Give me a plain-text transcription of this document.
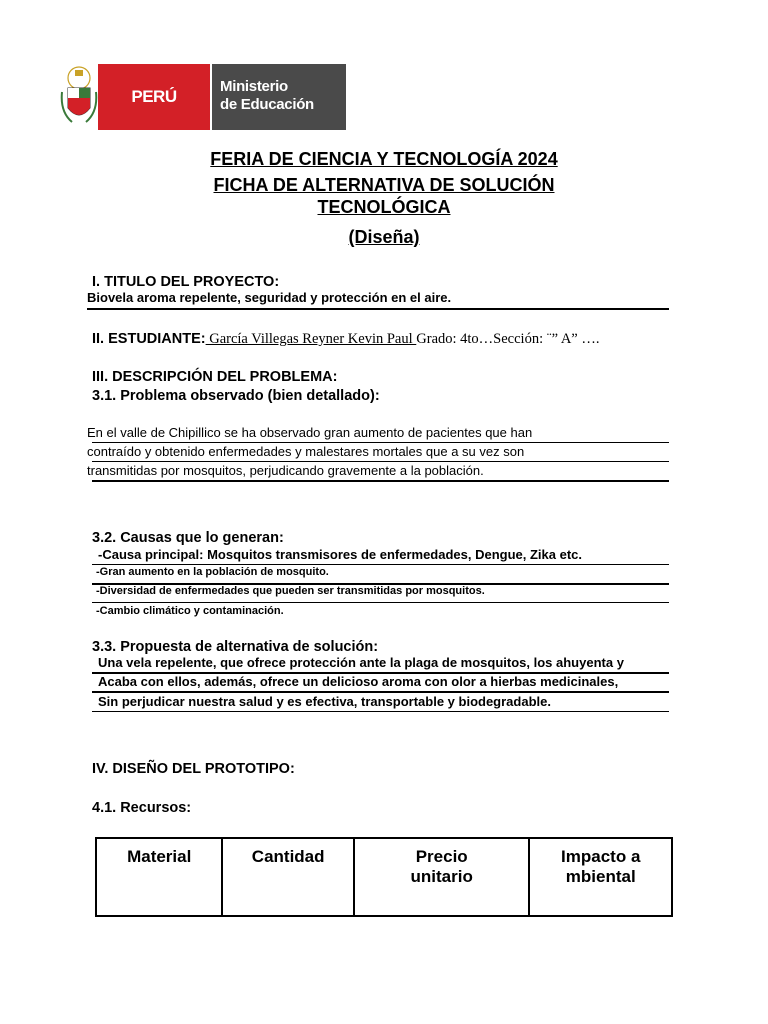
PERÚ
Ministerio
de Educación
FERIA DE CIENCIA Y TECNOLOGÍA 2024
FICHA DE ALTERNATIVA DE SOLUCIÓN
TECNOLÓGICA
(Diseña)
I. TITULO DEL PROYECTO:
Biovela aroma repelente, seguridad y protección en el aire.
II. ESTUDIANTE: García Villegas Reyner Kevin Paul Grado: 4to…Sección: ¨” A” ….
III. DESCRIPCIÓN DEL PROBLEMA:
3.1. Problema observado (bien detallado):
En el valle de Chipillico se ha observado gran aumento de pacientes que han
contraído y obtenido enfermedades y malestares mortales que a su vez son
transmitidas por mosquitos, perjudicando gravemente a la población.
3.2. Causas que lo generan:
-Causa principal: Mosquitos transmisores de enfermedades, Dengue, Zika etc.
-Gran aumento en la población de mosquito.
-Diversidad de enfermedades que pueden ser transmitidas por mosquitos.
-Cambio climático y contaminación.
3.3. Propuesta de alternativa de solución:
Una vela repelente, que ofrece protección ante la plaga de mosquitos, los ahuyenta y
Acaba con ellos, además, ofrece un delicioso aroma con olor a hierbas medicinales,
Sin perjudicar nuestra salud y es efectiva, transportable y biodegradable.
IV. DISEÑO DEL PROTOTIPO:
4.1. Recursos:
Material	Cantidad	Precio unitario	Impacto ambiental
